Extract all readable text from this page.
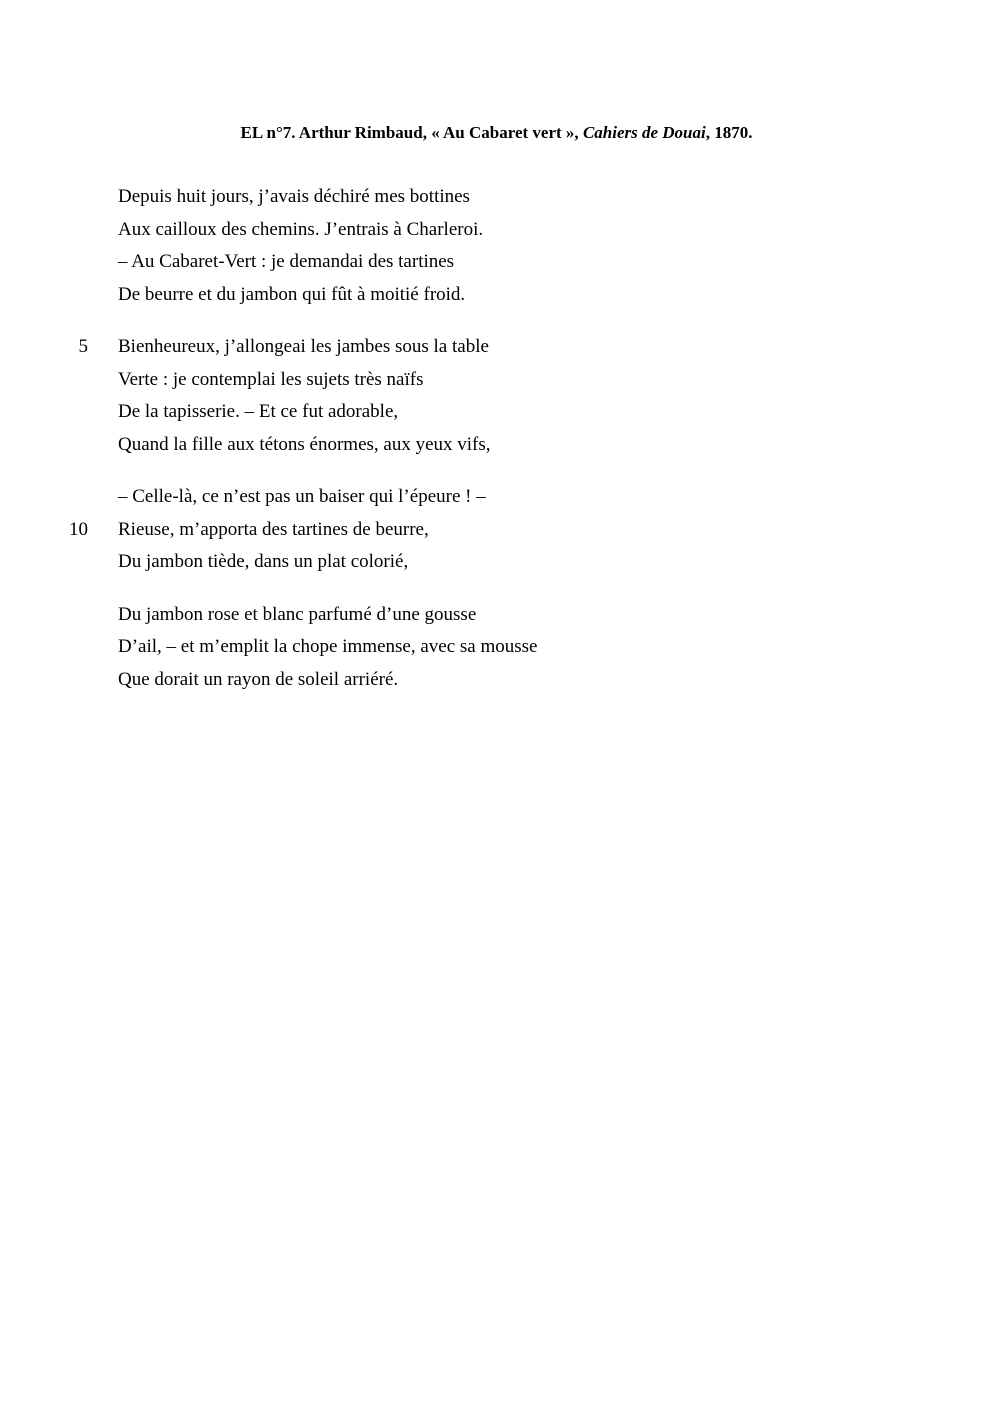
EL n°7. Arthur Rimbaud, « Au Cabaret vert », Cahiers de Douai, 1870.
Depuis huit jours, j’avais déchiré mes bottines
Aux cailloux des chemins. J’entrais à Charleroi.
– Au Cabaret-Vert : je demandai des tartines
De beurre et du jambon qui fût à moitié froid.
5 Bienheureux, j’allongeai les jambes sous la table
Verte : je contemplai les sujets très naïfs
De la tapisserie. – Et ce fut adorable,
Quand la fille aux tétons énormes, aux yeux vifs,
– Celle-là, ce n’est pas un baiser qui l’épeure ! –
10 Rieuse, m’apporta des tartines de beurre,
Du jambon tiède, dans un plat colorié,
Du jambon rose et blanc parfumé d’une gousse
D’ail, – et m’emplit la chope immense, avec sa mousse
Que dorait un rayon de soleil arriéré.
